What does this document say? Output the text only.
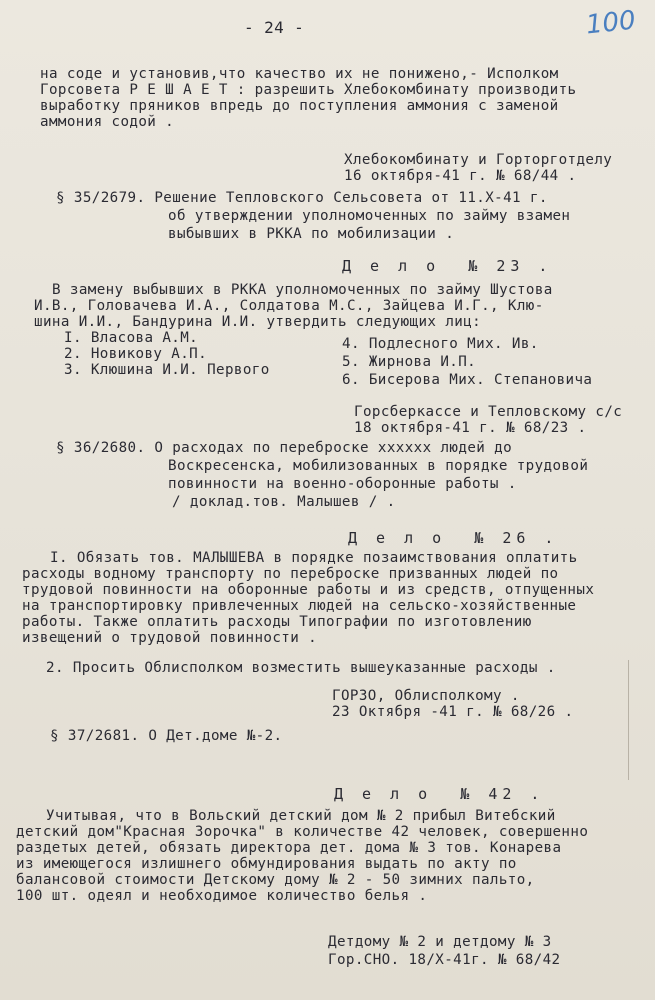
- 24 -	100
на соде и установив,что качество их не понижено,- Исполком
Горсовета Р Е Ш А Е Т : разрешить Хлебокомбинату производить
выработку пряников впредь до поступления аммония с заменой
аммония содой .
Хлебокомбинату и Горторготделу
16 октября-41 г. № 68/44 .
§ 35/2679. Решение Тепловского Сельсовета от 11.Х-41 г.
об утверждении уполномоченных по займу взамен
выбывших в РККА по мобилизации .
Д е л о  № 23 .
В замену выбывших в РККА уполномоченных по займу Шустова
И.В., Головачева И.А., Солдатова М.С., Зайцева И.Г., Клю-
шина И.И., Бандурина И.И. утвердить следующих лиц:
I. Власова А.М.	4. Подлесного Мих. Ив.
2. Новикову А.П.	5. Жирнова И.П.
3. Клюшина И.И. Первого
6. Бисерова Мих. Степановича
Горсберкассе и Тепловскому с/с
18 октября-41 г. № 68/23 .
§ 36/2680. О расходах по переброске хххххх людей до
Воскресенска, мобилизованных в порядке трудовой
повинности на военно-оборонные работы .
/ доклад.тов. Малышев / .
Д е л о  № 26 .
I. Обязать тов. МАЛЫШЕВА в порядке позаимствования оплатить
расходы водному транспорту по переброске призванных людей по
трудовой повинности на оборонные работы и из средств, отпущенных
на транспортировку привлеченных людей на сельско-хозяйственные
работы. Также оплатить расходы Типографии по изготовлению
извещений о трудовой повинности .
2. Просить Облисполком возместить вышеуказанные расходы .
ГОРЗО, Облисполкому .
23 Октября -41 г. № 68/26 .
§ 37/2681. О Дет.доме №-2.
Д е л о  № 42 .
Учитывая, что в Вольский детский дом № 2 прибыл Витебский
детский дом"Красная Зорочка" в количестве 42 человек, совершенно
раздетых детей, обязать директора дет. дома № 3 тов. Конарева
из имеющегося излишнего обмундирования выдать по акту по
балансовой стоимости Детскому дому № 2 - 50 зимних пальто,
100 шт. одеял и необходимое количество белья .
Детдому № 2 и детдому № 3
Гор.СНО. 18/Х-41г. № 68/42
